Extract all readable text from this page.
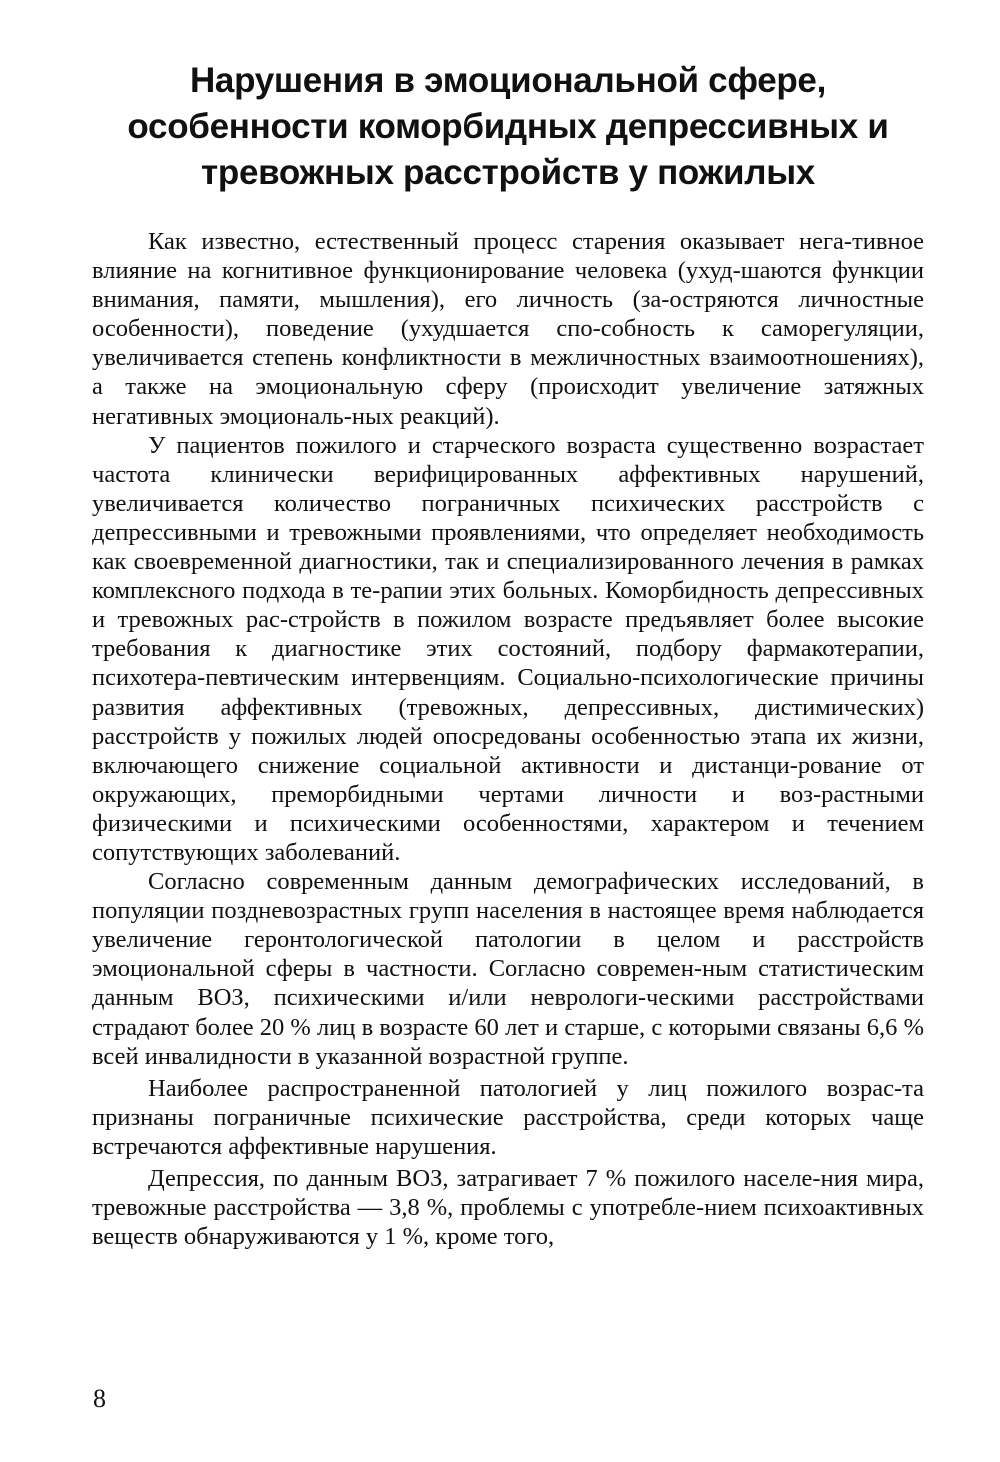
Нарушения в эмоциональной сфере,
особенности коморбидных депрессивных и
тревожных расстройств у пожилых

Как известно, естественный процесс старения оказывает нега-тивное влияние на когнитивное функционирование человека (ухуд-шаются функции внимания, памяти, мышления), его личность (за-остряются личностные особенности), поведение (ухудшается спо-собность к саморегуляции, увеличивается степень конфликтности в межличностных взаимоотношениях), а также на эмоциональную сферу (происходит увеличение затяжных негативных эмоциональ-ных реакций).

У пациентов пожилого и старческого возраста существенно возрастает частота клинически верифицированных аффективных нарушений, увеличивается количество пограничных психических расстройств с депрессивными и тревожными проявлениями, что определяет необходимость как своевременной диагностики, так и специализированного лечения в рамках комплексного подхода в те-рапии этих больных. Коморбидность депрессивных и тревожных рас-стройств в пожилом возрасте предъявляет более высокие требования к диагностике этих состояний, подбору фармакотерапии, психотера-певтическим интервенциям. Социально-психологические причины развития аффективных (тревожных, депрессивных, дистимических) расстройств у пожилых людей опосредованы особенностью этапа их жизни, включающего снижение социальной активности и дистанци-рование от окружающих, преморбидными чертами личности и воз-растными физическими и психическими особенностями, характером и течением сопутствующих заболеваний.

Согласно современным данным демографических исследований, в популяции поздневозрастных групп населения в настоящее время наблюдается увеличение геронтологической патологии в целом и расстройств эмоциональной сферы в частности. Согласно современ-ным статистическим данным ВОЗ, психическими и/или неврологи-ческими расстройствами страдают более 20 % лиц в возрасте 60 лет и старше, с которыми связаны 6,6 % всей инвалидности в указанной возрастной группе.

Наиболее распространенной патологией у лиц пожилого возрас-та признаны пограничные психические расстройства, среди которых чаще встречаются аффективные нарушения.

Депрессия, по данным ВОЗ, затрагивает 7 % пожилого населе-ния мира, тревожные расстройства — 3,8 %, проблемы с употребле-нием психоактивных веществ обнаруживаются у 1 %, кроме того,

8
